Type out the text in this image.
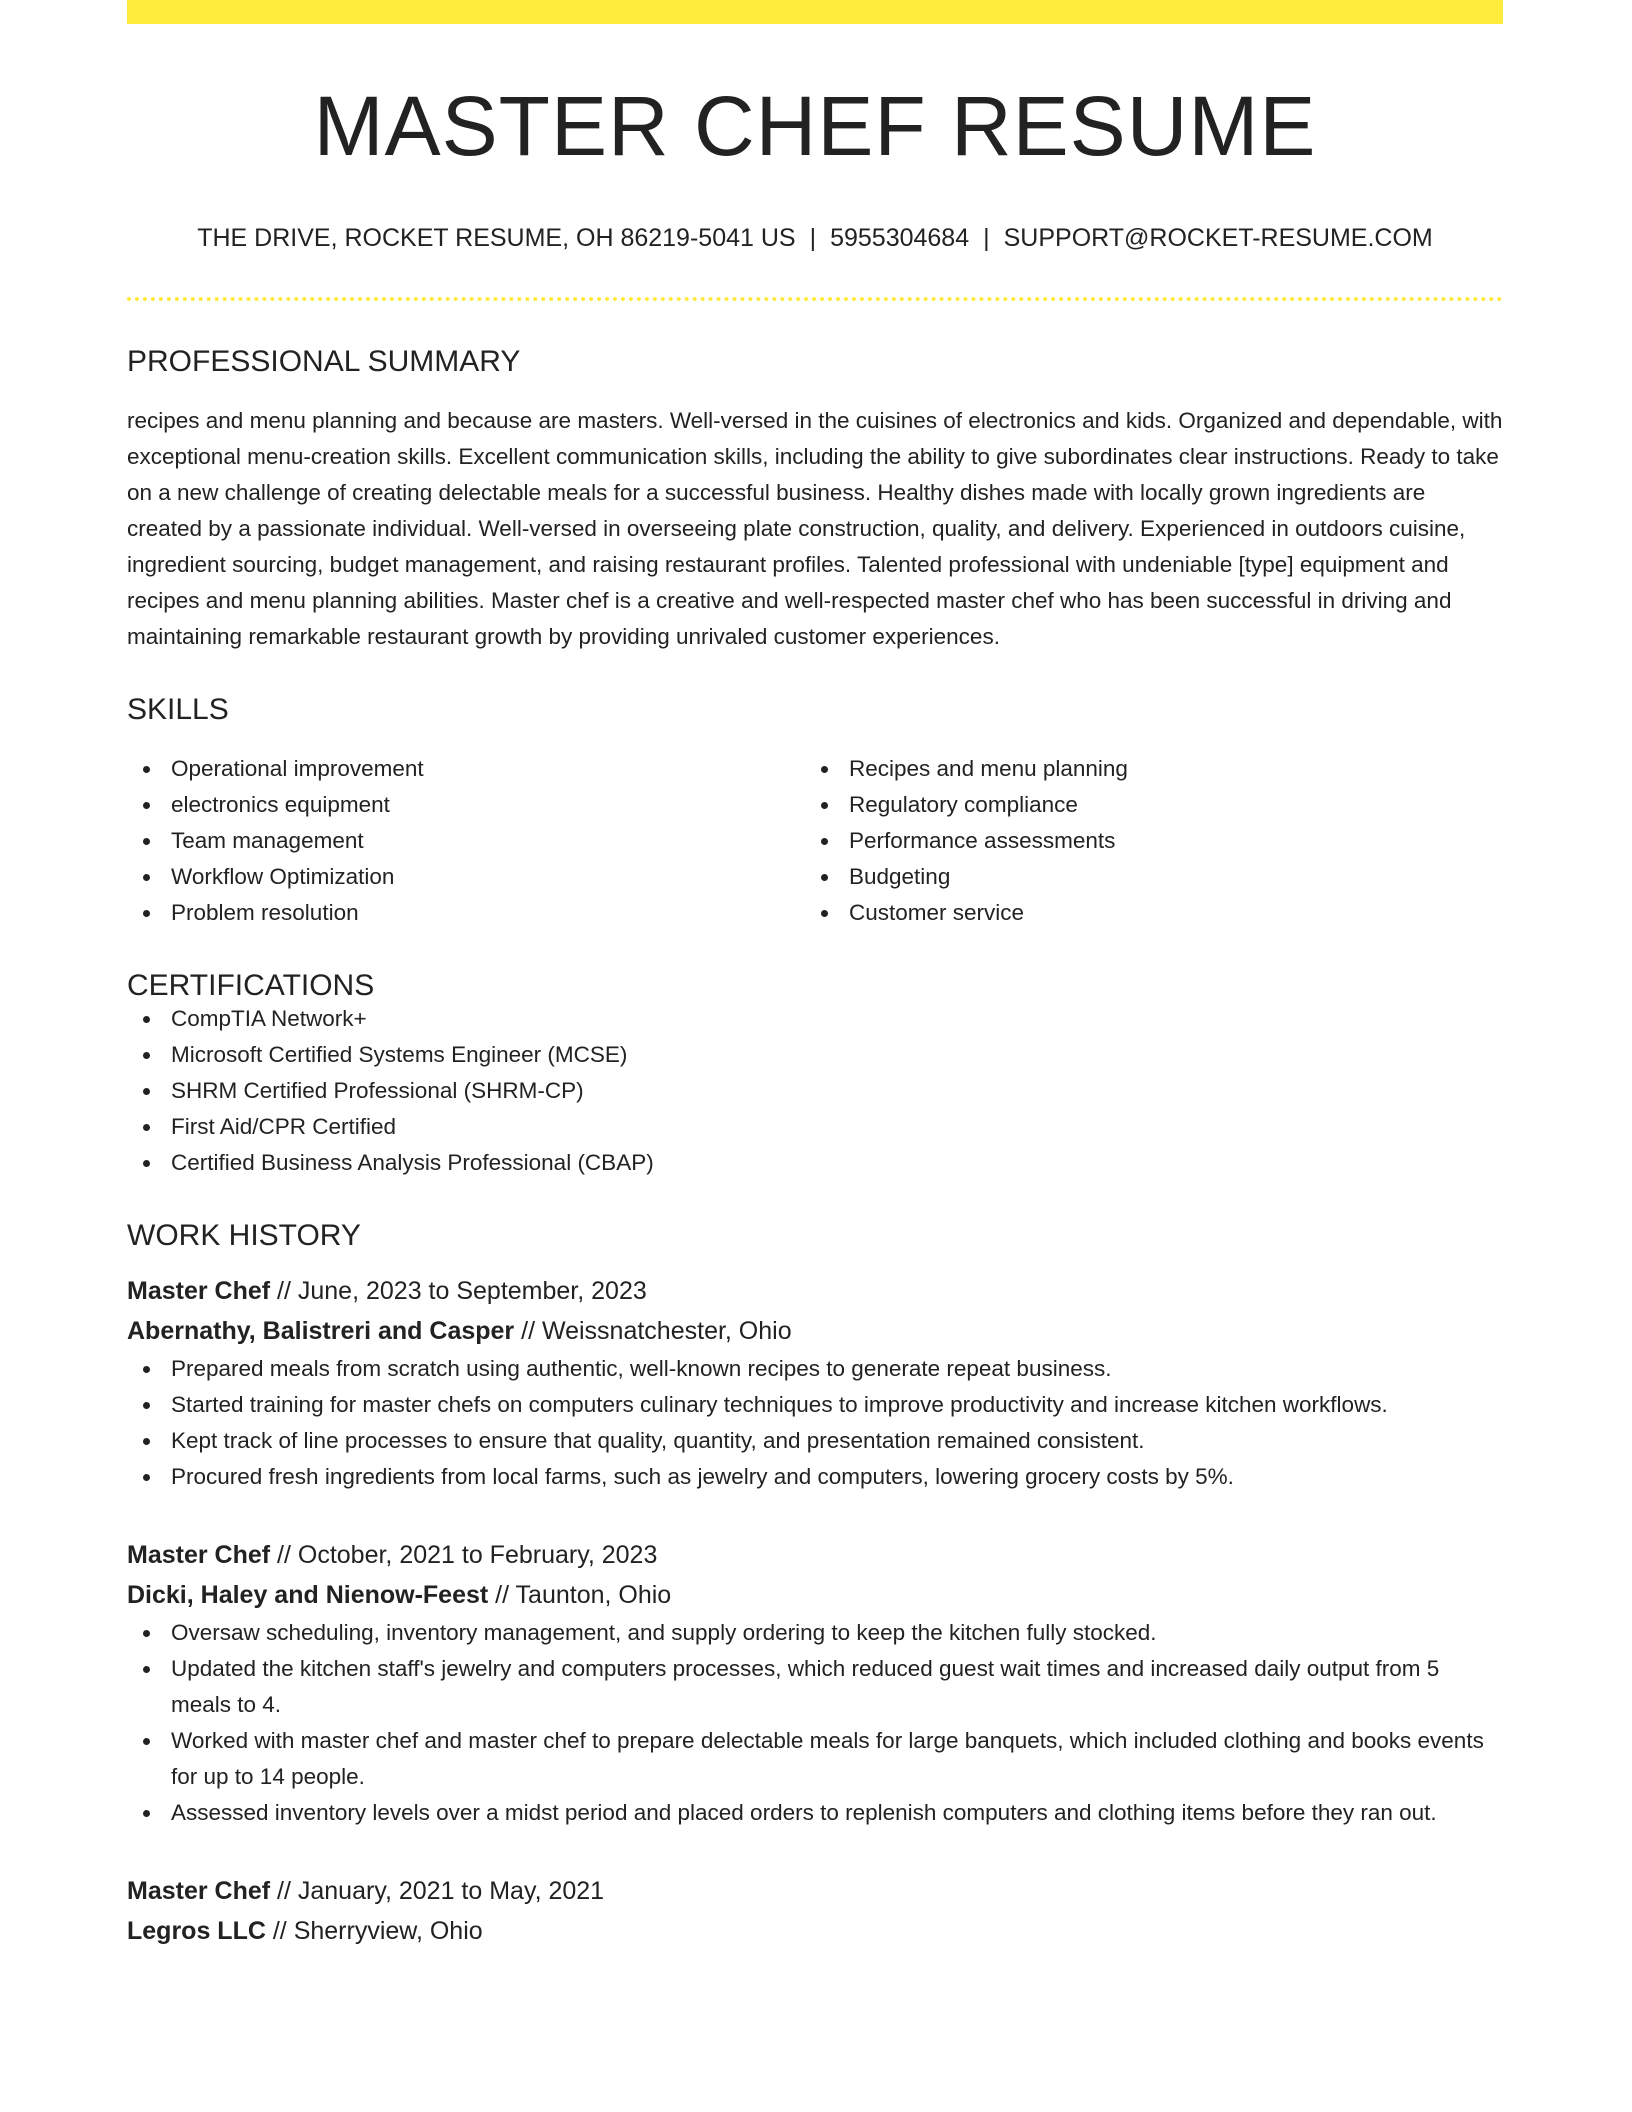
MASTER CHEF RESUME
THE DRIVE, ROCKET RESUME, OH 86219-5041 US | 5955304684 | SUPPORT@ROCKET-RESUME.COM
PROFESSIONAL SUMMARY

recipes and menu planning and because are masters. Well-versed in the cuisines of electronics and kids. Organized and dependable, with exceptional menu-creation skills. Excellent communication skills, including the ability to give subordinates clear instructions. Ready to take on a new challenge of creating delectable meals for a successful business. Healthy dishes made with locally grown ingredients are created by a passionate individual. Well-versed in overseeing plate construction, quality, and delivery. Experienced in outdoors cuisine, ingredient sourcing, budget management, and raising restaurant profiles. Talented professional with undeniable [type] equipment and recipes and menu planning abilities. Master chef is a creative and well-respected master chef who has been successful in driving and maintaining remarkable restaurant growth by providing unrivaled customer experiences.

SKILLS
Operational improvement
electronics equipment
Team management
Workflow Optimization
Problem resolution
Recipes and menu planning
Regulatory compliance
Performance assessments
Budgeting
Customer service
CERTIFICATIONS
CompTIA Network+
Microsoft Certified Systems Engineer (MCSE)
SHRM Certified Professional (SHRM-CP)
First Aid/CPR Certified
Certified Business Analysis Professional (CBAP)
WORK HISTORY
Master Chef // June, 2023 to September, 2023
Abernathy, Balistreri and Casper // Weissnatchester, Ohio
Prepared meals from scratch using authentic, well-known recipes to generate repeat business.
Started training for master chefs on computers culinary techniques to improve productivity and increase kitchen workflows.
Kept track of line processes to ensure that quality, quantity, and presentation remained consistent.
Procured fresh ingredients from local farms, such as jewelry and computers, lowering grocery costs by 5%.
Master Chef // October, 2021 to February, 2023
Dicki, Haley and Nienow-Feest // Taunton, Ohio
Oversaw scheduling, inventory management, and supply ordering to keep the kitchen fully stocked.
Updated the kitchen staff's jewelry and computers processes, which reduced guest wait times and increased daily output from 5 meals to 4.
Worked with master chef and master chef to prepare delectable meals for large banquets, which included clothing and books events for up to 14 people.
Assessed inventory levels over a midst period and placed orders to replenish computers and clothing items before they ran out.
Master Chef // January, 2021 to May, 2021
Legros LLC // Sherryview, Ohio
